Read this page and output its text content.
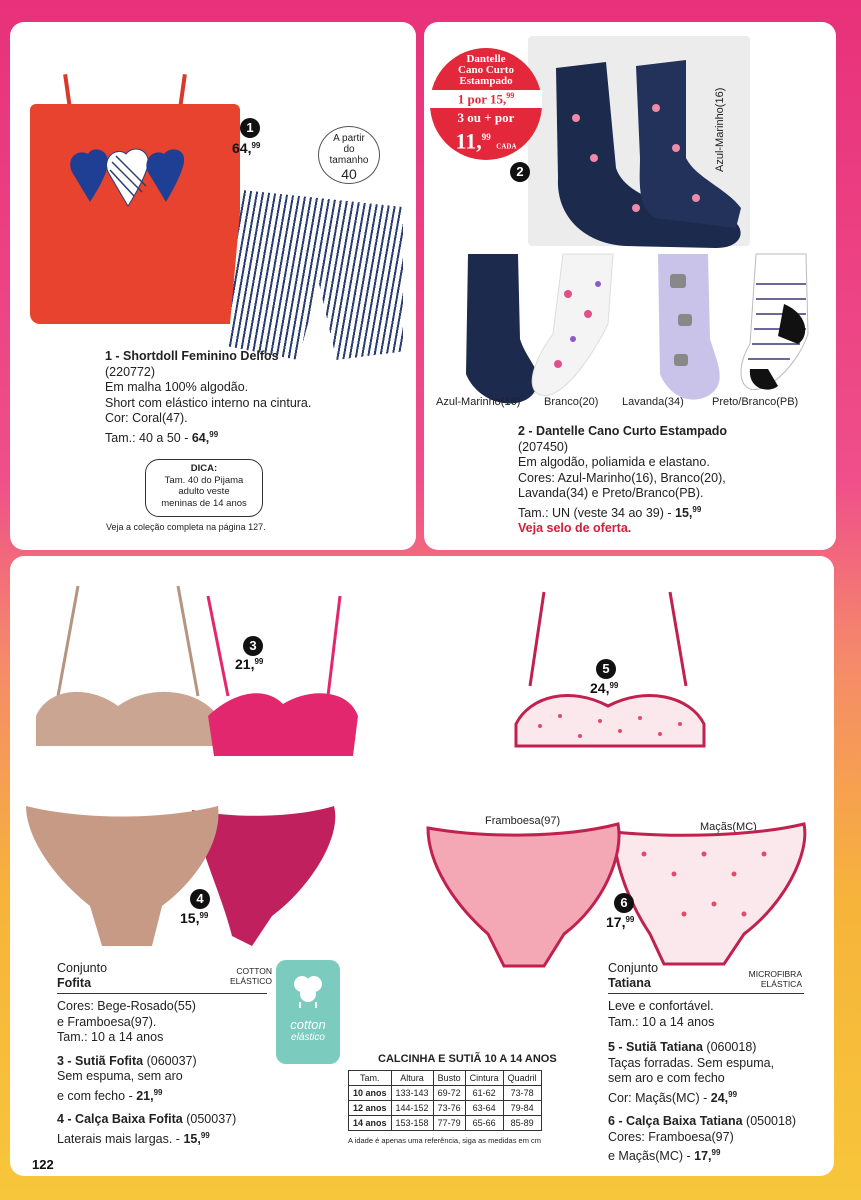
1
64,99
A partir
do
tamanho
40
1 - Shortdoll Feminino Delfos
(220772)
Em malha 100% algodão.
Short com elástico interno na cintura.
Cor: Coral(47).
Tam.: 40 a 50 - 64,99
DICA:
Tam. 40 do Pijama
adulto veste
meninas de 14 anos
Veja a coleção completa na página 127.
Azul-Marinho(16)
Dantelle
Cano Curto
Estampado
1 por 15,99
3 ou + por
11,99 CADA
2
Azul-Marinho(16) Branco(20) Lavanda(34)	Preto/Branco(PB)
2 - Dantelle Cano Curto Estampado
(207450)
Em algodão, poliamida e elastano.
Cores: Azul-Marinho(16), Branco(20),
Lavanda(34) e Preto/Branco(PB).
Tam.: UN (veste 34 ao 39) - 15,99
Veja selo de oferta.
3
21,99
4
15,99
5
24,99
Framboesa(97)	Maçãs(MC)
6
17,99
Conjunto
Fofita
COTTON
ELÁSTICO
Cores: Bege-Rosado(55)
e Framboesa(97).
Tam.: 10 a 14 anos
3 - Sutiã Fofita (060037)
Sem espuma, sem aro
e com fecho - 21,99
4 - Calça Baixa Fofita (050037)
Laterais mais largas. - 15,99
cotton
elástico
CALCINHA E SUTIÃ 10 A 14 ANOS
Tam.	Altura	Busto	Cintura	Quadril
10 anos	133-143	69-72	61-62	73-78
12 anos	144-152	73-76	63-64	79-84
14 anos	153-158	77-79	65-66	85-89
A idade é apenas uma referência, siga as medidas em cm
Conjunto
Tatiana
MICROFIBRA
ELÁSTICA
Leve e confortável.
Tam.: 10 a 14 anos
5 - Sutiã Tatiana (060018)
Taças forradas. Sem espuma,
sem aro e com fecho
Cor: Maçãs(MC) - 24,99
6 - Calça Baixa Tatiana (050018)
Cores: Framboesa(97)
e Maçãs(MC) - 17,99
122
